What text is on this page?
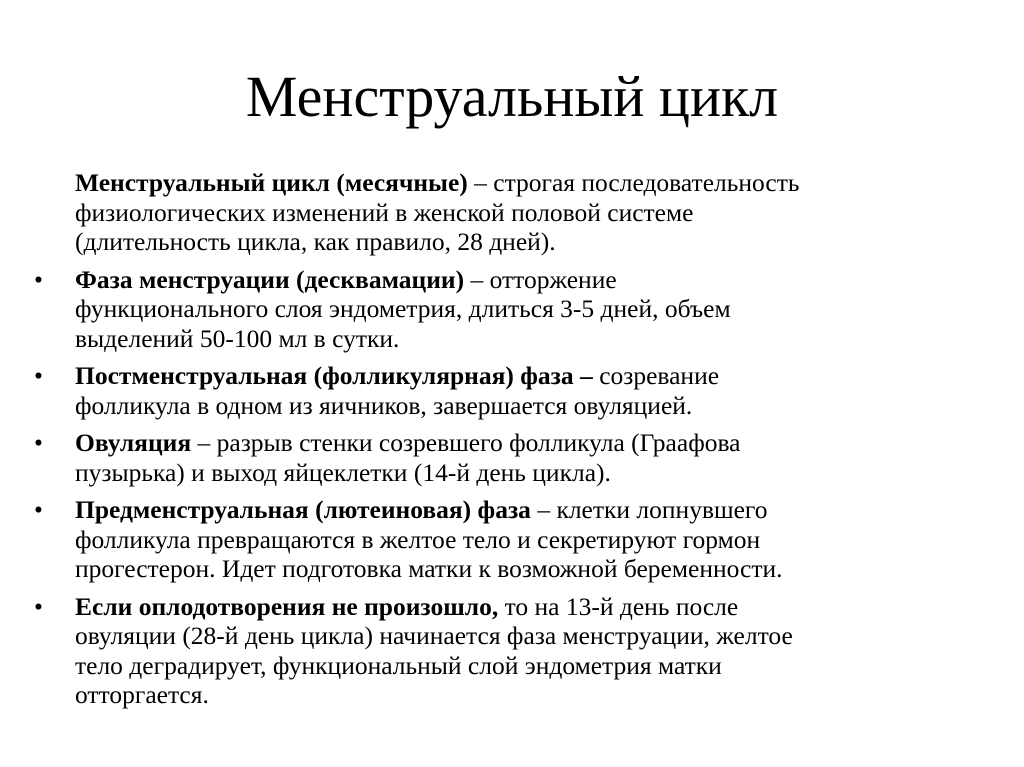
Менструальный цикл

Менструальный цикл (месячные) – строгая последовательность
физиологических изменений в женской половой системе
(длительность цикла, как правило, 28 дней).

• Фаза менструации (десквамации) – отторжение
функционального слоя эндометрия, длиться 3-5 дней, объем
выделений 50-100 мл в сутки.

• Постменструальная (фолликулярная) фаза – созревание
фолликула в одном из яичников, завершается овуляцией.

• Овуляция – разрыв стенки созревшего фолликула (Граафова
пузырька) и выход яйцеклетки (14-й день цикла).

• Предменструальная (лютеиновая) фаза – клетки лопнувшего
фолликула превращаются в желтое тело и секретируют гормон
прогестерон. Идет подготовка матки к возможной беременности.

• Если оплодотворения не произошло, то на 13-й день после
овуляции (28-й день цикла) начинается фаза менструации, желтое
тело деградирует, функциональный слой эндометрия матки
отторгается.
